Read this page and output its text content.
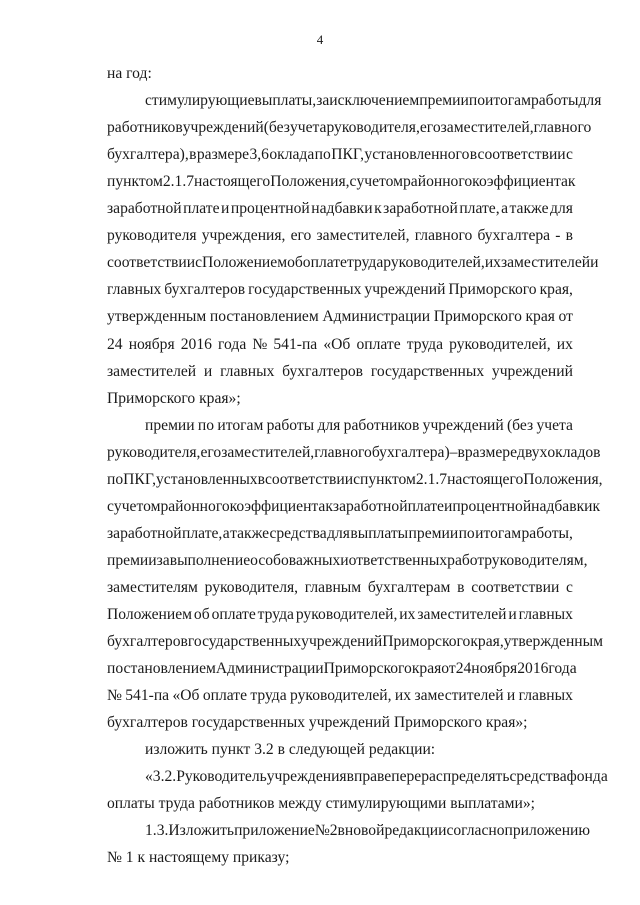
4
на год:
стимулирующие выплаты, за исключением премии по итогам работы для
работников учреждений (без учета руководителя, его заместителей, главного
бухгалтера), в размере 3,6 оклада по ПКГ, установленного в соответствии с
пунктом 2.1.7 настоящего Положения, с учетом районного коэффициента к
заработной плате и процентной надбавки к заработной плате, а также для
руководителя учреждения, его заместителей, главного бухгалтера - в
соответствии с Положением об оплате труда руководителей, их заместителей и
главных бухгалтеров государственных учреждений Приморского края,
утвержденным постановлением Администрации Приморского края от
24 ноября 2016 года № 541-па «Об оплате труда руководителей, их
заместителей и главных бухгалтеров государственных учреждений
Приморского края»;
премии по итогам работы для работников учреждений (без учета
руководителя, его заместителей, главного бухгалтера) – в размере двух окладов
по ПКГ, установленных в соответствии с пунктом 2.1.7 настоящего Положения,
с учетом районного коэффициента к заработной плате и процентной надбавки к
заработной плате, а также средства для выплаты премии по итогам работы,
премии за выполнение особо важных и ответственных работ руководителям,
заместителям руководителя, главным бухгалтерам в соответствии с
Положением об оплате труда руководителей, их заместителей и главных
бухгалтеров государственных учреждений Приморского края, утвержденным
постановлением Администрации Приморского края от 24 ноября 2016 года
№ 541-па «Об оплате труда руководителей, их заместителей и главных
бухгалтеров государственных учреждений Приморского края»;
изложить пункт 3.2 в следующей редакции:
«3.2. Руководитель учреждения вправе перераспределять средства фонда
оплаты труда работников между стимулирующими выплатами»;
1.3. Изложить приложение № 2 в новой редакции согласно приложению
№ 1 к настоящему приказу;
